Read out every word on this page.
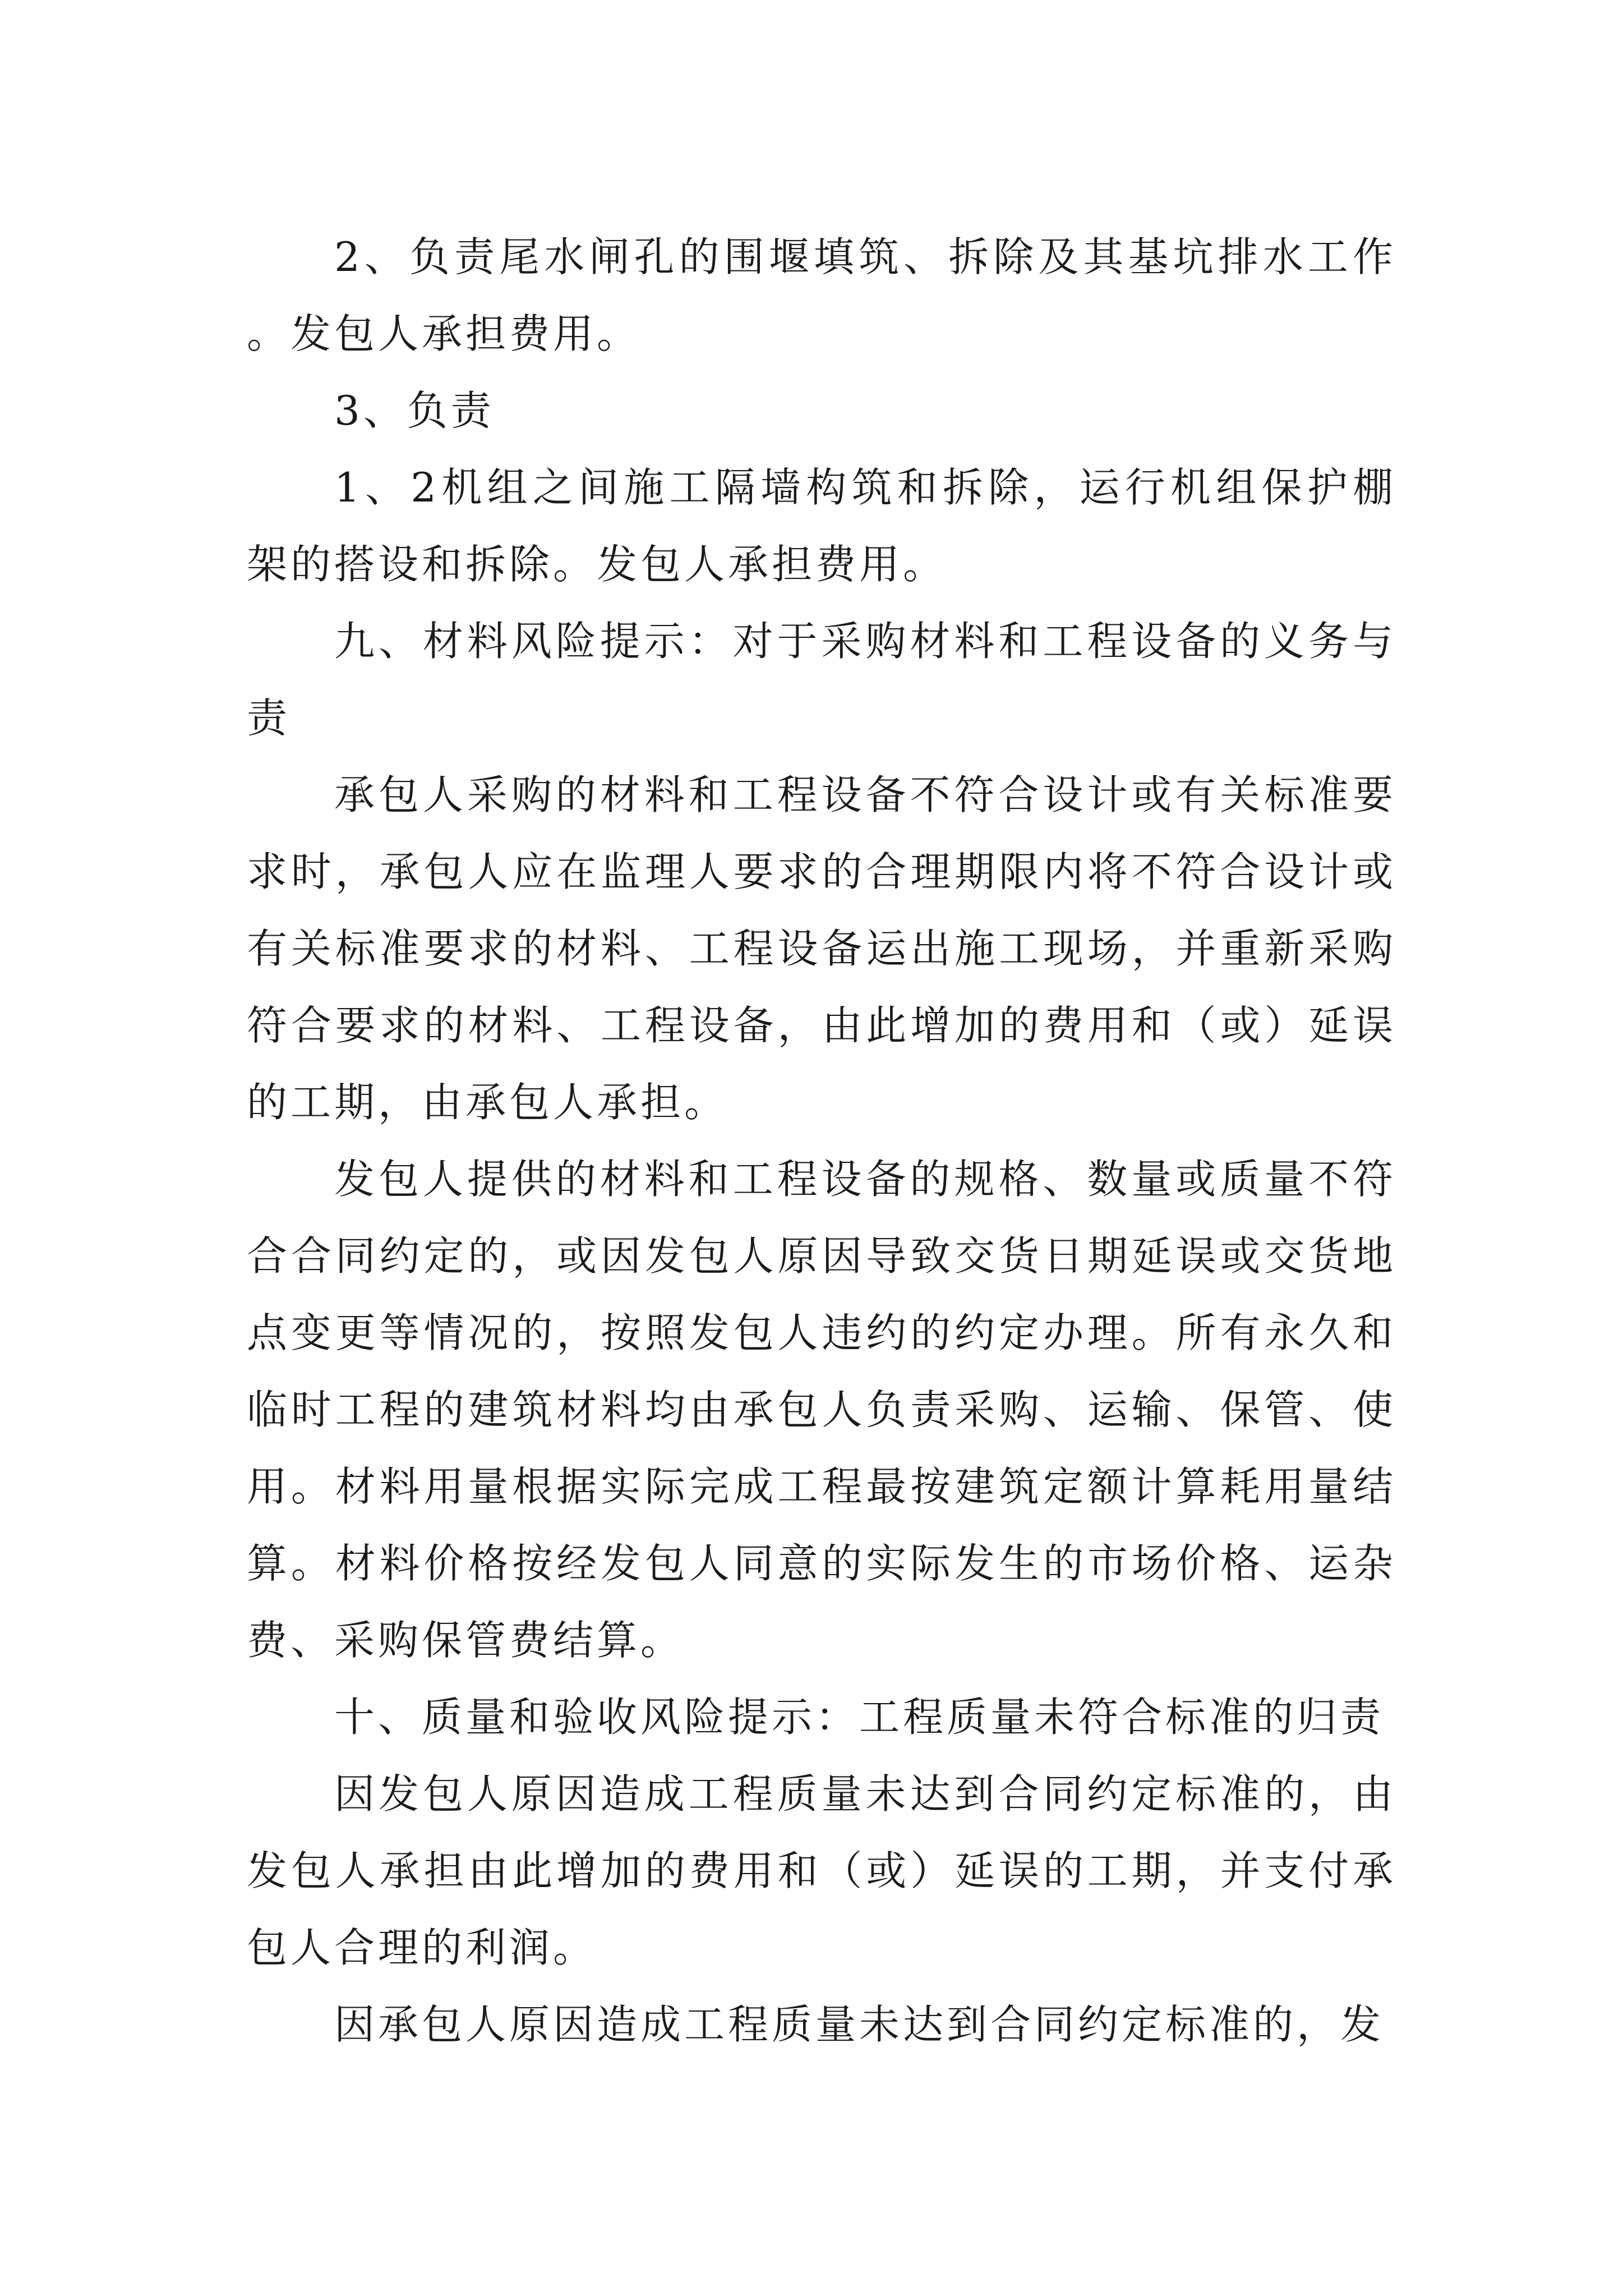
2、负责尾水闸孔的围堰填筑、拆除及其基坑排水工作。发包人承担费用。

3、负责

1、2机组之间施工隔墙构筑和拆除，运行机组保护棚架的搭设和拆除。发包人承担费用。

九、材料风险提示：对于采购材料和工程设备的义务与责

承包人采购的材料和工程设备不符合设计或有关标准要求时，承包人应在监理人要求的合理期限内将不符合设计或有关标准要求的材料、工程设备运出施工现场，并重新采购符合要求的材料、工程设备，由此增加的费用和（或）延误的工期，由承包人承担。

发包人提供的材料和工程设备的规格、数量或质量不符合合同约定的，或因发包人原因导致交货日期延误或交货地点变更等情况的，按照发包人违约的约定办理。所有永久和临时工程的建筑材料均由承包人负责采购、运输、保管、使用。材料用量根据实际完成工程最按建筑定额计算耗用量结算。材料价格按经发包人同意的实际发生的市场价格、运杂费、采购保管费结算。

十、质量和验收风险提示：工程质量未符合标准的归责

因发包人原因造成工程质量未达到合同约定标准的，由发包人承担由此增加的费用和（或）延误的工期，并支付承包人合理的利润。

因承包人原因造成工程质量未达到合同约定标准的，发
